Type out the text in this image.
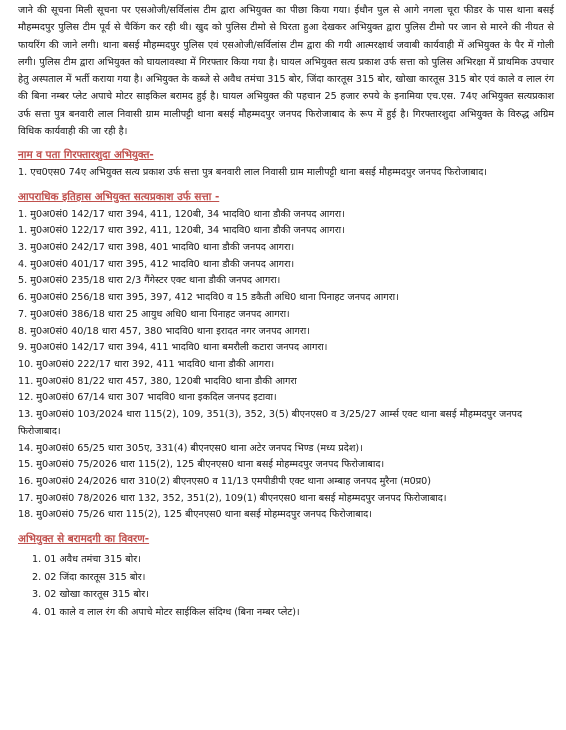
जाने की सूचना मिली सूचना पर एसओजी/सर्विलांस टीम द्वारा अभियुक्त का पीछा किया गया। ईधौन पुल से आगे नगला चूरा फीडर के पास थाना बसई मौहम्मदपुर पुलिस टीम पूर्व से चैकिंग कर रही थी। खुद को पुलिस टीमो से घिरता हुआ देखकर अभियुक्त द्वारा पुलिस टीमो पर जान से मारने की नीयत से फायरिंग की जाने लगी। थाना बसई मौहम्मदपुर पुलिस एवं एसओजी/सर्विलांस टीम द्वारा की गयी आत्मरक्षार्थ जवाबी कार्यवाही में अभियुक्त के पैर में गोली लगी। पुलिस टीम द्वारा अभियुक्त को घायलावस्था में गिरफ्तार किया गया है। घायल अभियुक्त सत्य प्रकाश उर्फ सत्ता को पुलिस अभिरक्षा में प्राथमिक उपचार हेतु अस्पताल में भर्ती कराया गया है। अभियुक्त के कब्जे से अवैध तमंचा 315 बोर, जिंदा कारतूस 315 बोर, खोखा कारतूस 315 बोर एवं काले व लाल रंग की बिना नम्बर प्लेट अपाचे मोटर साइकिल बरामद हुई है। घायल अभियुक्त की पहचान 25 हजार रुपये के इनामिया एच.एस. 74ए अभियुक्त सत्यप्रकाश उर्फ सत्ता पुत्र बनवारी लाल निवासी ग्राम मालीपट्टी थाना बसई मौहम्मदपुर जनपद फिरोजाबाद के रूप में हुई है। गिरफ्तारशुदा अभियुक्त के विरुद्ध अग्रिम विधिक कार्यवाही की जा रही है।

नाम व पता गिरफ्तारशुदा अभियुक्त-

1. एच0एस0 74ए अभियुक्त सत्य प्रकाश उर्फ सत्ता पुत्र बनवारी लाल निवासी ग्राम मालीपट्टी थाना बसई मौहम्मदपुर जनपद फिरोजाबाद।

आपराधिक इतिहास अभियुक्त सत्यप्रकाश उर्फ सत्ता -
1. मु0अ0सं0 142/17 धारा 394, 411, 120बी, 34 भादवि0 थाना डौकी जनपद आगरा।
1. मु0अ0सं0 122/17 धारा 392, 411, 120बी, 34 भादवि0 थाना डौकी जनपद आगरा।
3. मु0अ0सं0 242/17 धारा 398, 401 भादवि0 थाना डौकी जनपद आगरा।
4. मु0अ0सं0 401/17 धारा 395, 412 भादवि0 थाना डौकी जनपद आगरा।
5. मु0अ0सं0 235/18 धारा 2/3 गैंगेस्टर एक्ट थाना डौकी जनपद आगरा।
6. मु0अ0सं0 256/18 धारा 395, 397, 412 भादवि0 व 15 डकैती अधि0 थाना पिनाहट जनपद आगरा।
7. मु0अ0सं0 386/18 धारा 25 आयुध अधि0 थाना पिनाहट जनपद आगरा।
8. मु0अ0सं0 40/18 धारा 457, 380 भादवि0 थाना इरादत नगर जनपद आगरा।
9. मु0अ0सं0 142/17 धारा 394, 411 भादवि0 थाना बमरौली कटारा जनपद आगरा।
10. मु0अ0सं0 222/17 धारा 392, 411 भादवि0 थाना डौकी आगरा।
11. मु0अ0सं0 81/22 धारा 457, 380, 120बी भादवि0 थाना डौकी आगरा
12. मु0अ0सं0 67/14 धारा 307 भादवि0 थाना इकदिल जनपद इटावा।
13. मु0अ0सं0 103/2024 धारा 115(2), 109, 351(3), 352, 3(5) बीएनएस0 व 3/25/27 आर्म्स एक्ट थाना बसई मौहम्मदपुर जनपद फिरोजाबाद।
14. मु0अ0सं0 65/25 धारा 305ए, 331(4) बीएनएस0 थाना अटेर जनपद भिण्ड (मध्य प्रदेश)।
15. मु0अ0सं0 75/2026 धारा 115(2), 125 बीएनएस0 थाना बसई मोहम्मदपुर जनपद फिरोजाबाद।
16. मु0अ0सं0 24/2026 धारा 310(2) बीएनएस0 व 11/13 एमपीडीपी एक्ट थाना अम्बाह जनपद मुरैना (म0प्र0)
17. मु0अ0सं0 78/2026 धारा 132, 352, 351(2), 109(1) बीएनएस0 थाना बसई मोहम्मदपुर जनपद फिरोजाबाद।
18. मु0अ0सं0 75/26 धारा 115(2), 125 बीएनएस0 थाना बसई मोहम्मदपुर जनपद फिरोजाबाद।
अभियुक्त से बरामदगी का विवरण-
1. 01 अवैध तमंचा 315 बोर।
2. 02 जिंदा कारतूस 315 बोर।
3. 02 खोखा कारतूस 315 बोर।
4. 01 काले व लाल रंग की अपाचे मोटर साईकिल संदिग्ध (बिना नम्बर प्लेट)।
